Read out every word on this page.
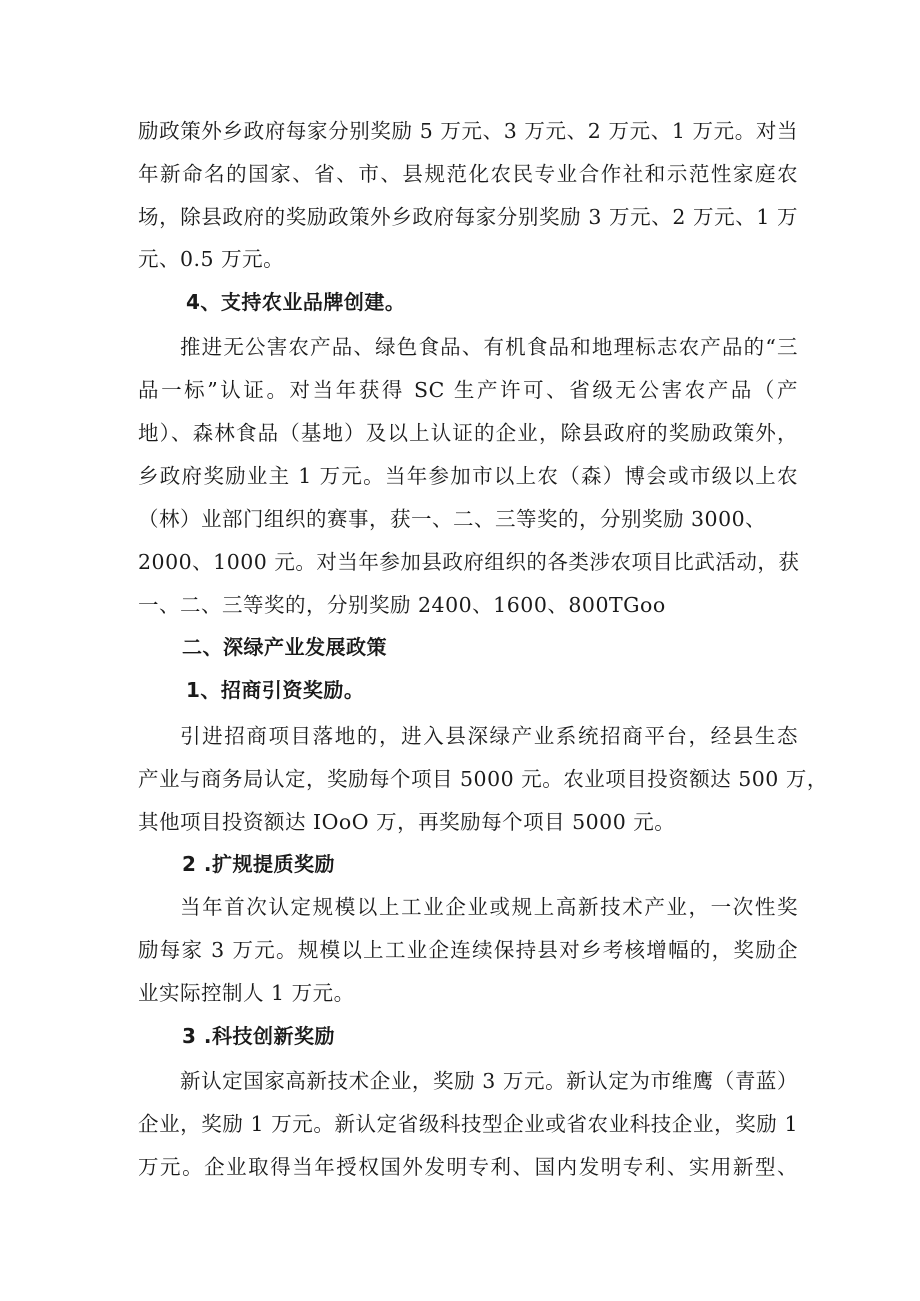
励政策外乡政府每家分别奖励 5 万元、3 万元、2 万元、1 万元。对当
年新命名的国家、省、市、县规范化农民专业合作社和示范性家庭农
场，除县政府的奖励政策外乡政府每家分别奖励 3 万元、2 万元、1 万
元、0.5 万元。
4、支持农业品牌创建。
推进无公害农产品、绿色食品、有机食品和地理标志农产品的“三
品一标”认证。对当年获得 SC 生产许可、省级无公害农产品（产
地）、森林食品（基地）及以上认证的企业，除县政府的奖励政策外，
乡政府奖励业主 1 万元。当年参加市以上农（森）博会或市级以上农
（林）业部门组织的赛事，获一、二、三等奖的，分别奖励 3000、
2000、1000 元。对当年参加县政府组织的各类涉农项目比武活动，获
一、二、三等奖的，分别奖励 2400、1600、800TGoo
二、深绿产业发展政策
1、招商引资奖励。
引进招商项目落地的，进入县深绿产业系统招商平台，经县生态
产业与商务局认定，奖励每个项目 5000 元。农业项目投资额达 500 万，
其他项目投资额达 IOoO 万，再奖励每个项目 5000 元。
2 .扩规提质奖励
当年首次认定规模以上工业企业或规上高新技术产业，一次性奖
励每家 3 万元。规模以上工业企连续保持县对乡考核增幅的，奖励企
业实际控制人 1 万元。
3 .科技创新奖励
新认定国家高新技术企业，奖励 3 万元。新认定为市维鹰（青蓝）
企业，奖励 1 万元。新认定省级科技型企业或省农业科技企业，奖励 1
万元。企业取得当年授权国外发明专利、国内发明专利、实用新型、
